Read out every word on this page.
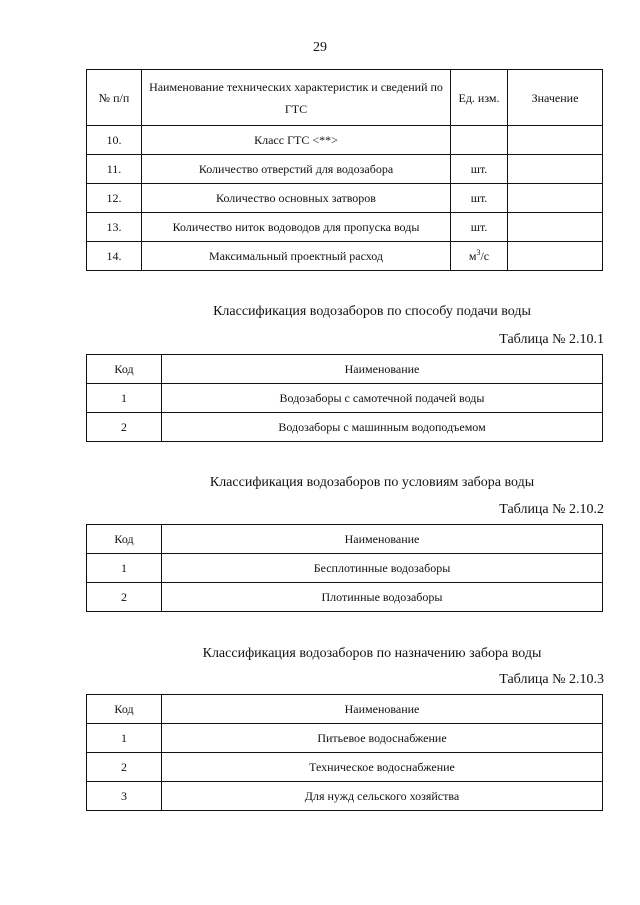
29
№ п/п	Наименование технических характеристик и сведений по ГТС	Ед. изм.	Значение
10.	Класс ГТС <**>		
11.	Количество отверстий для водозабора	шт.	
12.	Количество основных затворов	шт.	
13.	Количество ниток водоводов для пропуска воды	шт.	
14.	Максимальный проектный расход	$м^3/с$	
Классификация водозаборов по способу подачи воды
Таблица № 2.10.1
Код	Наименование
1	Водозаборы с самотечной подачей воды
2	Водозаборы с машинным водоподъемом
Классификация водозаборов по условиям забора воды
Таблица № 2.10.2
Код	Наименование
1	Бесплотинные водозаборы
2	Плотинные водозаборы
Классификация водозаборов по назначению забора воды
Таблица № 2.10.3
Код	Наименование
1	Питьевое водоснабжение
2	Техническое водоснабжение
3	Для нужд сельского хозяйства
